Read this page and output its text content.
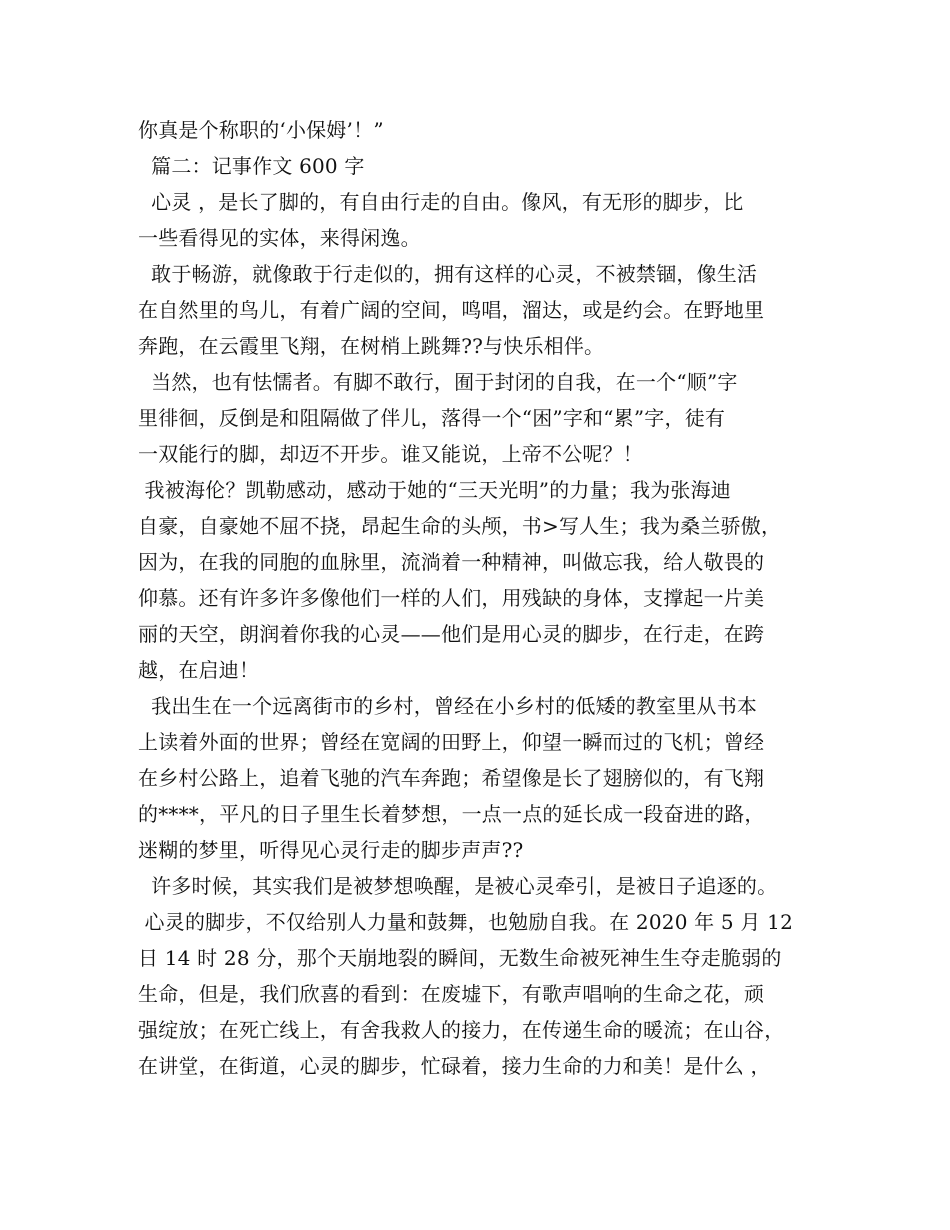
你真是个称职的‘小保姆’！”
篇二：记事作文 600 字
心灵 ，是长了脚的，有自由行走的自由。像风，有无形的脚步，比
一些看得见的实体，来得闲逸。
敢于畅游，就像敢于行走似的，拥有这样的心灵，不被禁锢，像生活
在自然里的鸟儿，有着广阔的空间，鸣唱，溜达，或是约会。在野地里
奔跑，在云霞里飞翔，在树梢上跳舞??与快乐相伴。
当然，也有怯懦者。有脚不敢行，囿于封闭的自我，在一个“顺”字
里徘徊，反倒是和阻隔做了伴儿，落得一个“困”字和“累”字，徒有
一双能行的脚，却迈不开步。谁又能说，上帝不公呢？！
我被海伦？凯勒感动，感动于她的“三天光明”的力量；我为张海迪
自豪，自豪她不屈不挠，昂起生命的头颅，书>写人生；我为桑兰骄傲，
因为，在我的同胞的血脉里，流淌着一种精神，叫做忘我，给人敬畏的
仰慕。还有许多许多像他们一样的人们，用残缺的身体，支撑起一片美
丽的天空，朗润着你我的心灵——他们是用心灵的脚步，在行走，在跨
越，在启迪！
我出生在一个远离街市的乡村，曾经在小乡村的低矮的教室里从书本
上读着外面的世界；曾经在宽阔的田野上，仰望一瞬而过的飞机；曾经
在乡村公路上，追着飞驰的汽车奔跑；希望像是长了翅膀似的，有飞翔
的****，平凡的日子里生长着梦想，一点一点的延长成一段奋进的路，
迷糊的梦里，听得见心灵行走的脚步声声??
许多时候，其实我们是被梦想唤醒，是被心灵牵引，是被日子追逐的。
心灵的脚步，不仅给别人力量和鼓舞，也勉励自我。在 2020 年 5 月 12
日 14 时 28 分，那个天崩地裂的瞬间，无数生命被死神生生夺走脆弱的
生命，但是，我们欣喜的看到：在废墟下，有歌声唱响的生命之花，顽
强绽放；在死亡线上，有舍我救人的接力，在传递生命的暖流；在山谷，
在讲堂，在街道，心灵的脚步，忙碌着，接力生命的力和美！是什么 ，
